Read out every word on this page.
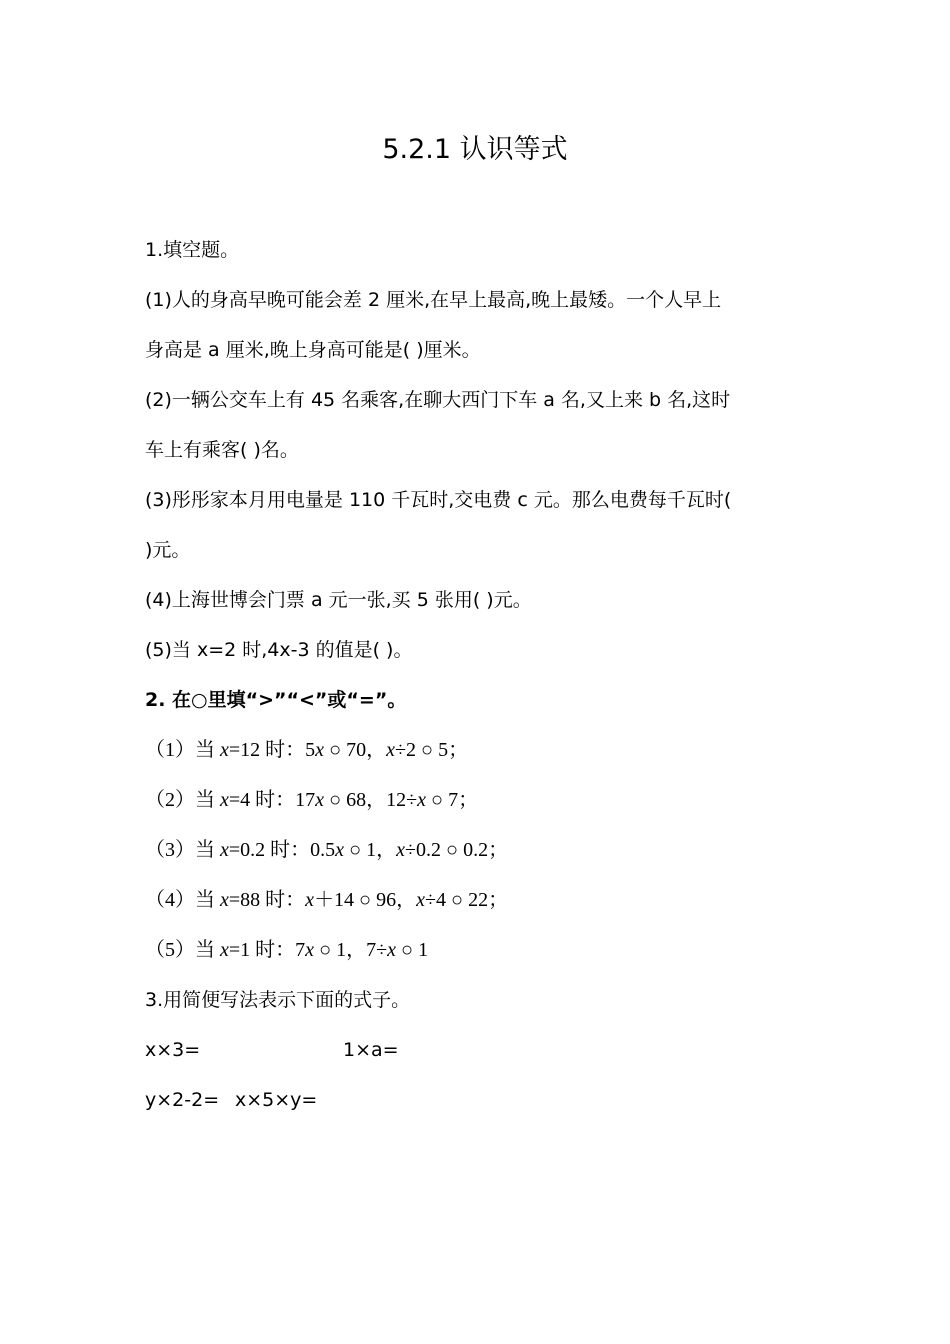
5.2.1 认识等式
1.填空题。
(1)人的身高早晚可能会差 2 厘米,在早上最高,晚上最矮。一个人早上
身高是 a 厘米,晚上身高可能是( )厘米。
(2)一辆公交车上有 45 名乘客,在聊大西门下车 a 名,又上来 b 名,这时
车上有乘客( )名。
(3)彤彤家本月用电量是 110 千瓦时,交电费 c 元。那么电费每千瓦时(
)元。
(4)上海世博会门票 a 元一张,买 5 张用( )元。
(5)当 x=2 时,4x-3 的值是( )。
2. 在○里填“>”“<”或“=”。
（1）当 x=12 时：5x ○ 70，x÷2 ○ 5；
（2）当 x=4 时：17x ○ 68，12÷x ○ 7；
（3）当 x=0.2 时：0.5x ○ 1，x÷0.2 ○ 0.2；
（4）当 x=88 时：x＋14 ○ 96，x÷4 ○ 22；
（5）当 x=1 时：7x ○ 1，7÷x ○ 1
3.用简便写法表示下面的式子。
x×3=	1×a=
y×2-2= x×5×y=
